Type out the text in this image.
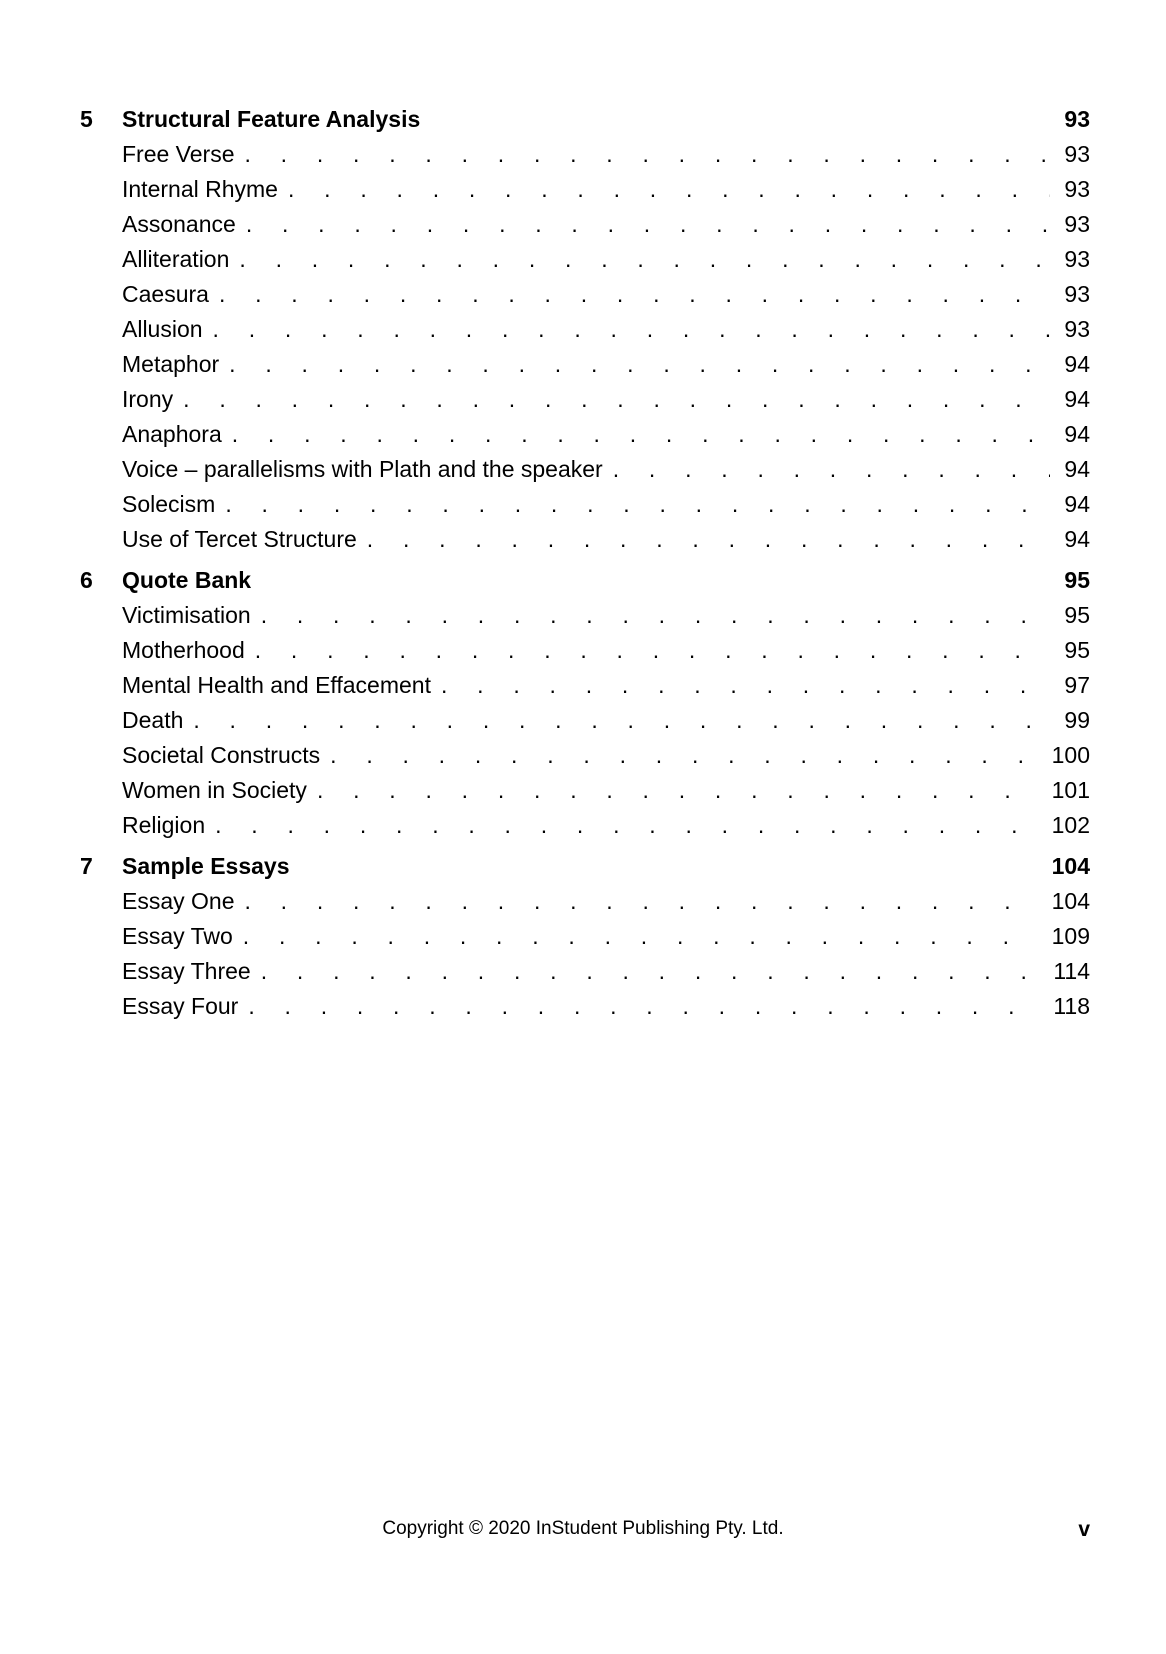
5	Structural Feature Analysis	93
Free Verse . . .	93
Internal Rhyme . . .	93
Assonance . . .	93
Alliteration . . .	93
Caesura . . .	93
Allusion . . .	93
Metaphor . . .	94
Irony . . .	94
Anaphora . . .	94
Voice – parallelisms with Plath and the speaker . . .	94
Solecism . . .	94
Use of Tercet Structure . . .	94
6	Quote Bank	95
Victimisation . . .	95
Motherhood . . .	95
Mental Health and Effacement . . .	97
Death . . .	99
Societal Constructs . . .	100
Women in Society . . .	101
Religion . . .	102
7	Sample Essays	104
Essay One . . .	104
Essay Two . . .	109
Essay Three . . .	114
Essay Four . . .	118
Copyright © 2020 InStudent Publishing Pty. Ltd.	v
